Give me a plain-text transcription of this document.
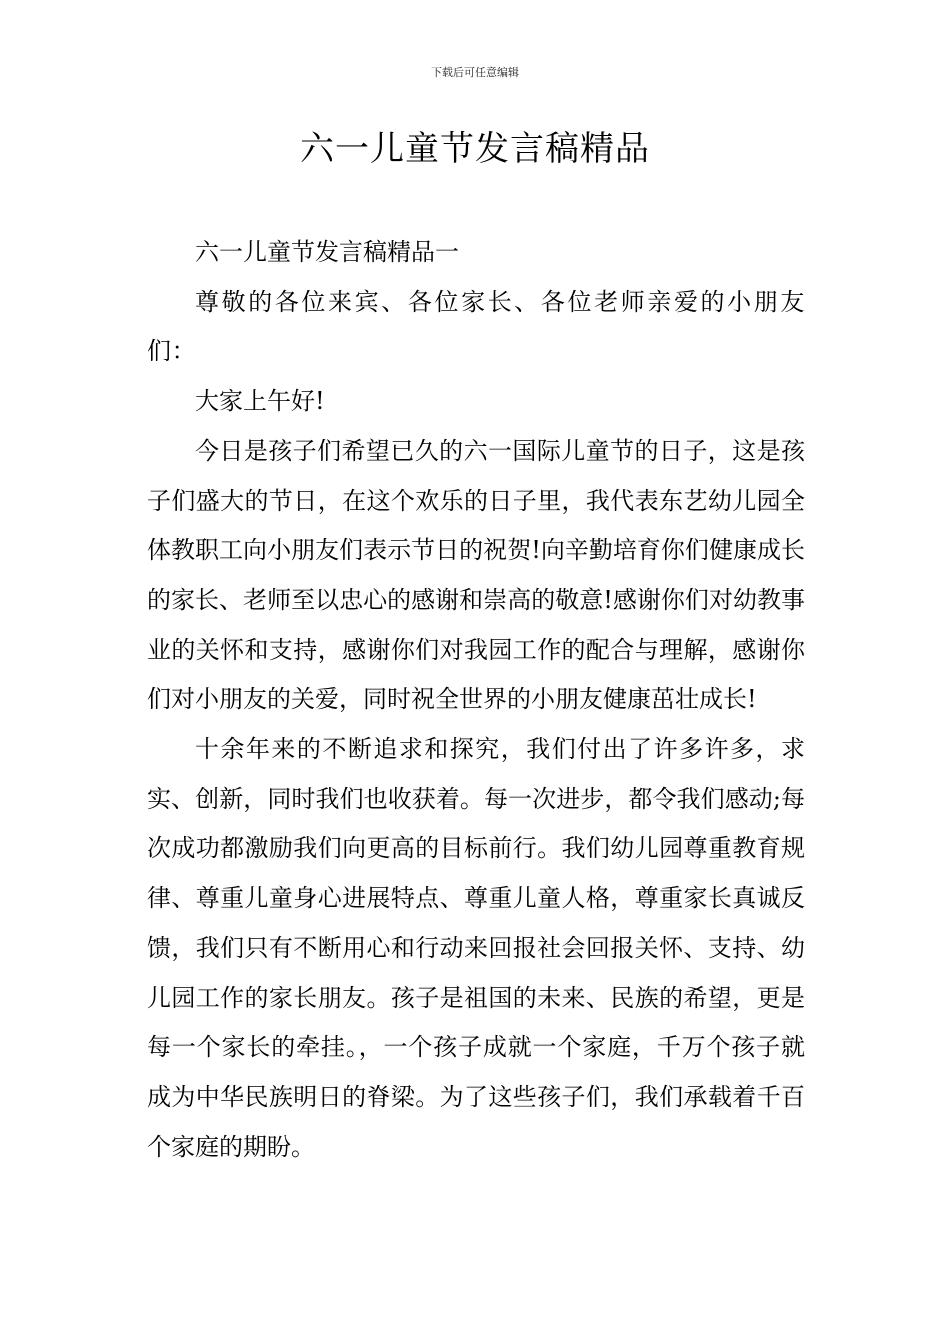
下载后可任意编辑
六一儿童节发言稿精品

六一儿童节发言稿精品一

尊敬的各位来宾、各位家长、各位老师亲爱的小朋友们：

大家上午好!

今日是孩子们希望已久的六一国际儿童节的日子，这是孩子们盛大的节日，在这个欢乐的日子里，我代表东艺幼儿园全体教职工向小朋友们表示节日的祝贺!向辛勤培育你们健康成长的家长、老师至以忠心的感谢和崇高的敬意!感谢你们对幼教事业的关怀和支持，感谢你们对我园工作的配合与理解，感谢你们对小朋友的关爱，同时祝全世界的小朋友健康茁壮成长!

十余年来的不断追求和探究，我们付出了许多许多，求实、创新，同时我们也收获着。每一次进步，都令我们感动;每次成功都激励我们向更高的目标前行。我们幼儿园尊重教育规律、尊重儿童身心进展特点、尊重儿童人格，尊重家长真诚反馈，我们只有不断用心和行动来回报社会回报关怀、支持、幼儿园工作的家长朋友。孩子是祖国的未来、民族的希望，更是每一个家长的牵挂。，一个孩子成就一个家庭，千万个孩子就成为中华民族明日的脊梁。为了这些孩子们，我们承载着千百个家庭的期盼。
